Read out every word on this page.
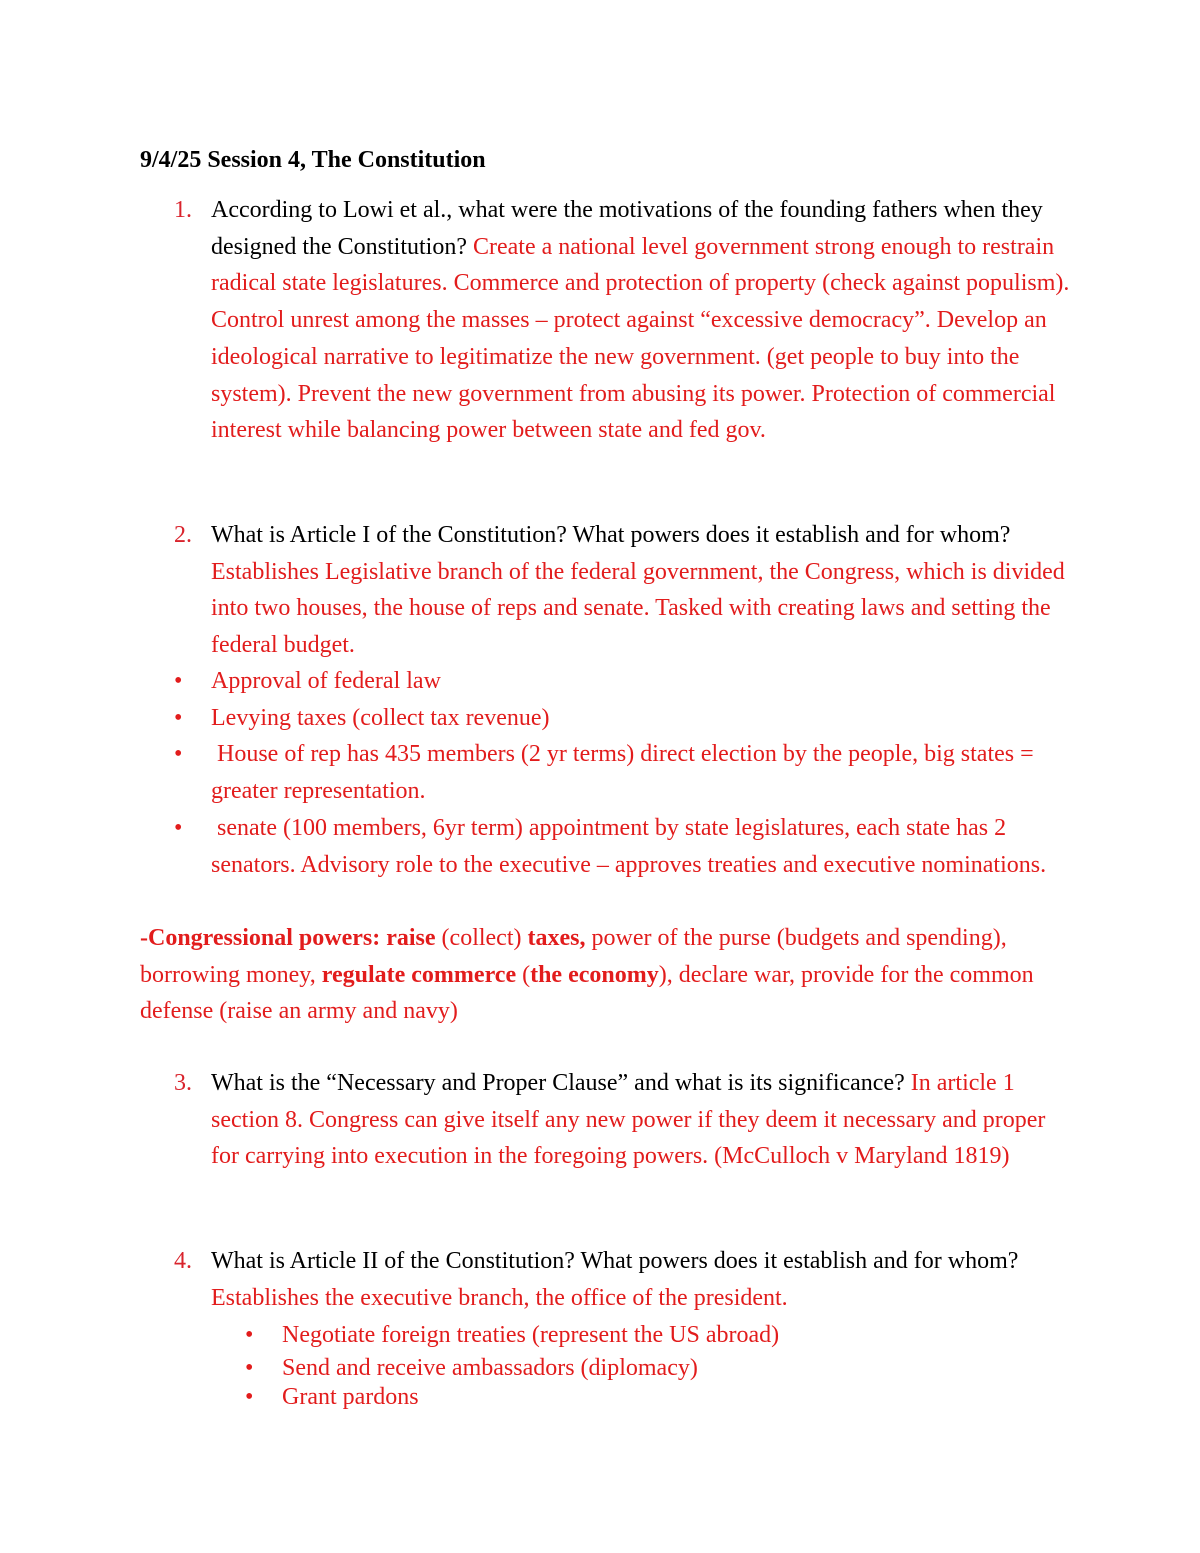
9/4/25 Session 4, The Constitution
1. According to Lowi et al., what were the motivations of the founding fathers when they designed the Constitution? Create a national level government strong enough to restrain radical state legislatures. Commerce and protection of property (check against populism). Control unrest among the masses – protect against “excessive democracy”. Develop an ideological narrative to legitimatize the new government. (get people to buy into the system). Prevent the new government from abusing its power. Protection of commercial interest while balancing power between state and fed gov.
2. What is Article I of the Constitution? What powers does it establish and for whom? Establishes Legislative branch of the federal government, the Congress, which is divided into two houses, the house of reps and senate. Tasked with creating laws and setting the federal budget.
• Approval of federal law
• Levying taxes (collect tax revenue)
• House of rep has 435 members (2 yr terms) direct election by the people, big states = greater representation.
• senate (100 members, 6yr term) appointment by state legislatures, each state has 2 senators. Advisory role to the executive – approves treaties and executive nominations.
-Congressional powers: raise (collect) taxes, power of the purse (budgets and spending), borrowing money, regulate commerce (the economy), declare war, provide for the common defense (raise an army and navy)
3. What is the “Necessary and Proper Clause” and what is its significance? In article 1 section 8. Congress can give itself any new power if they deem it necessary and proper for carrying into execution in the foregoing powers. (McCulloch v Maryland 1819)
4. What is Article II of the Constitution? What powers does it establish and for whom? Establishes the executive branch, the office of the president.
• Negotiate foreign treaties (represent the US abroad)
• Send and receive ambassadors (diplomacy)
• Grant pardons
